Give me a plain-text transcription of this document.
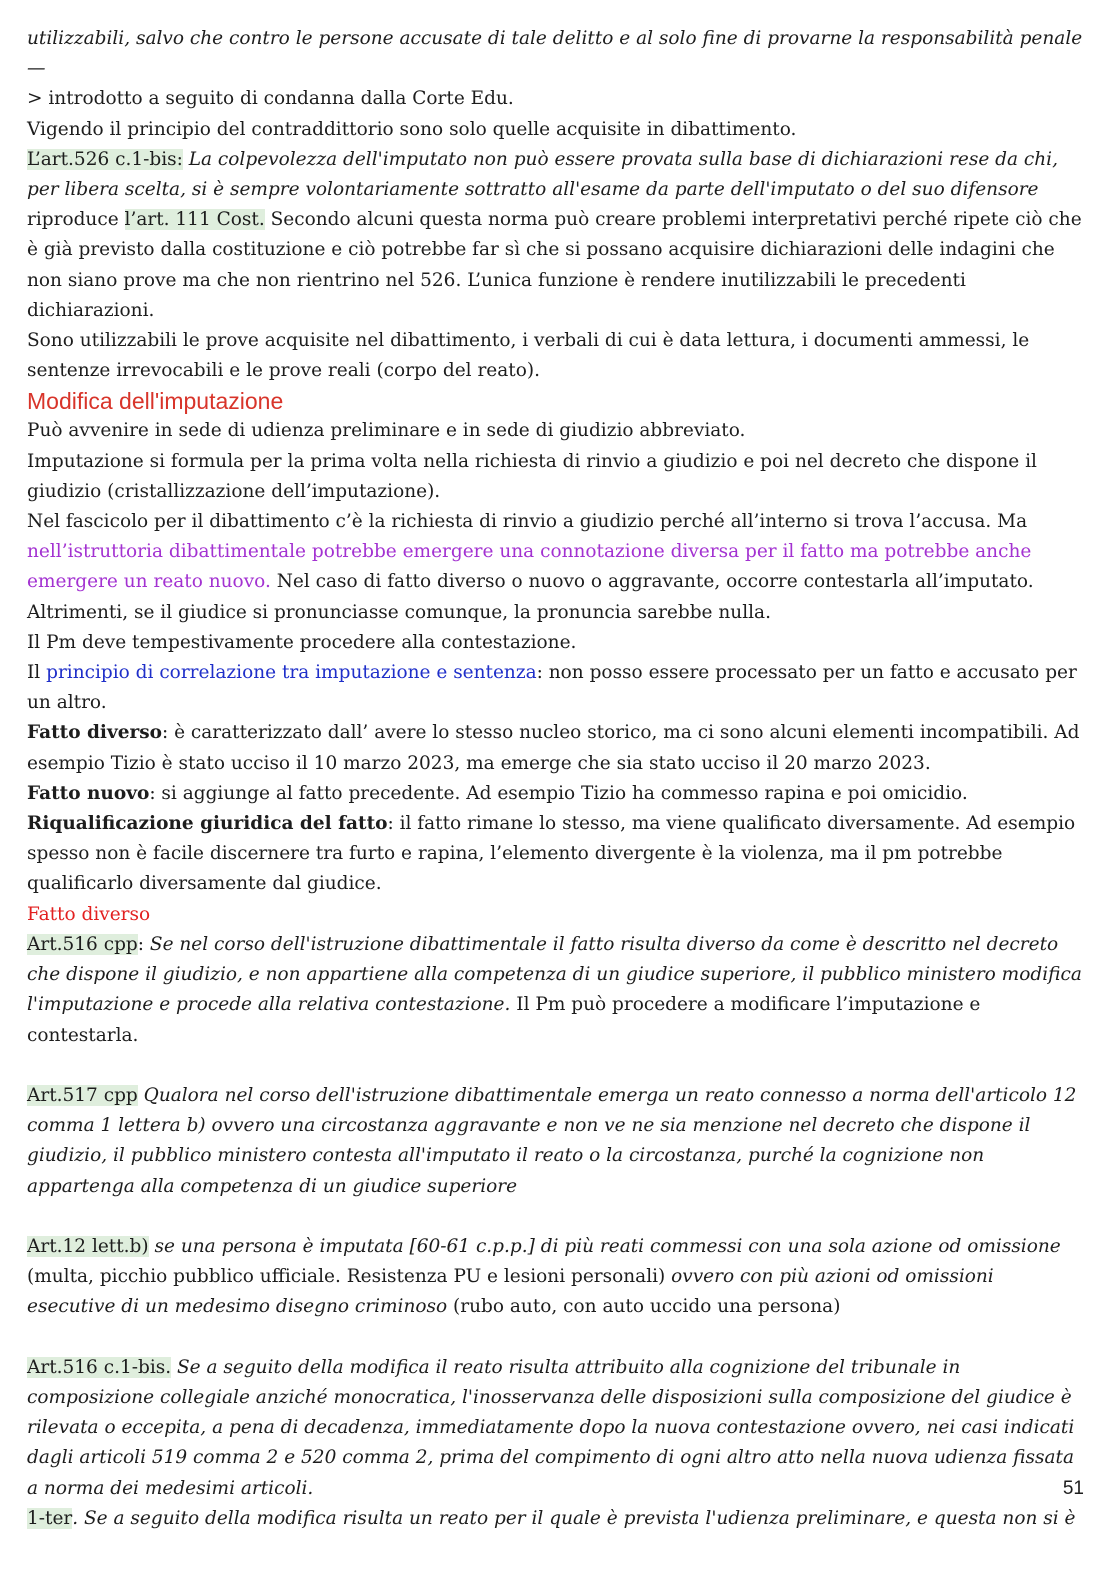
utilizzabili, salvo che contro le persone accusate di tale delitto e al solo fine di provarne la responsabilità penale —
> introdotto a seguito di condanna dalla Corte Edu.

Vigendo il principio del contraddittorio sono solo quelle acquisite in dibattimento.

L’art.526 c.1-bis: La colpevolezza dell'imputato non può essere provata sulla base di dichiarazioni rese da chi, per libera scelta, si è sempre volontariamente sottratto all'esame da parte dell'imputato o del suo difensore riproduce l’art. 111 Cost. Secondo alcuni questa norma può creare problemi interpretativi perché ripete ciò che è già previsto dalla costituzione e ciò potrebbe far sì che si possano acquisire dichiarazioni delle indagini che non siano prove ma che non rientrino nel 526. L’unica funzione è rendere inutilizzabili le precedenti dichiarazioni.

Sono utilizzabili le prove acquisite nel dibattimento, i verbali di cui è data lettura, i documenti ammessi, le sentenze irrevocabili e le prove reali (corpo del reato).

Modifica dell'imputazione

Può avvenire in sede di udienza preliminare e in sede di giudizio abbreviato.

Imputazione si formula per la prima volta nella richiesta di rinvio a giudizio e poi nel decreto che dispone il giudizio (cristallizzazione dell’imputazione).

Nel fascicolo per il dibattimento c’è la richiesta di rinvio a giudizio perché all’interno si trova l’accusa. Ma nell’istruttoria dibattimentale potrebbe emergere una connotazione diversa per il fatto ma potrebbe anche emergere un reato nuovo. Nel caso di fatto diverso o nuovo o aggravante, occorre contestarla all’imputato.

Altrimenti, se il giudice si pronunciasse comunque, la pronuncia sarebbe nulla.

Il Pm deve tempestivamente procedere alla contestazione.

Il principio di correlazione tra imputazione e sentenza: non posso essere processato per un fatto e accusato per un altro.

Fatto diverso: è caratterizzato dall’ avere lo stesso nucleo storico, ma ci sono alcuni elementi incompatibili. Ad esempio Tizio è stato ucciso il 10 marzo 2023, ma emerge che sia stato ucciso il 20 marzo 2023.

Fatto nuovo: si aggiunge al fatto precedente. Ad esempio Tizio ha commesso rapina e poi omicidio.

Riqualificazione giuridica del fatto: il fatto rimane lo stesso, ma viene qualificato diversamente. Ad esempio spesso non è facile discernere tra furto e rapina, l’elemento divergente è la violenza, ma il pm potrebbe qualificarlo diversamente dal giudice.

Fatto diverso

Art.516 cpp: Se nel corso dell'istruzione dibattimentale il fatto risulta diverso da come è descritto nel decreto che dispone il giudizio, e non appartiene alla competenza di un giudice superiore, il pubblico ministero modifica l'imputazione e procede alla relativa contestazione. Il Pm può procedere a modificare l’imputazione e contestarla.

Art.517 cpp Qualora nel corso dell'istruzione dibattimentale emerga un reato connesso a norma dell'articolo 12 comma 1 lettera b) ovvero una circostanza aggravante e non ve ne sia menzione nel decreto che dispone il giudizio, il pubblico ministero contesta all'imputato il reato o la circostanza, purché la cognizione non appartenga alla competenza di un giudice superiore

Art.12 lett.b) se una persona è imputata [60-61 c.p.p.] di più reati commessi con una sola azione od omissione (multa, picchio pubblico ufficiale. Resistenza PU e lesioni personali) ovvero con più azioni od omissioni esecutive di un medesimo disegno criminoso (rubo auto, con auto uccido una persona)

Art.516 c.1-bis. Se a seguito della modifica il reato risulta attribuito alla cognizione del tribunale in composizione collegiale anziché monocratica, l'inosservanza delle disposizioni sulla composizione del giudice è rilevata o eccepita, a pena di decadenza, immediatamente dopo la nuova contestazione ovvero, nei casi indicati dagli articoli 519 comma 2 e 520 comma 2, prima del compimento di ogni altro atto nella nuova udienza fissata a norma dei medesimi articoli.

1-ter. Se a seguito della modifica risulta un reato per il quale è prevista l'udienza preliminare, e questa non si è

51
